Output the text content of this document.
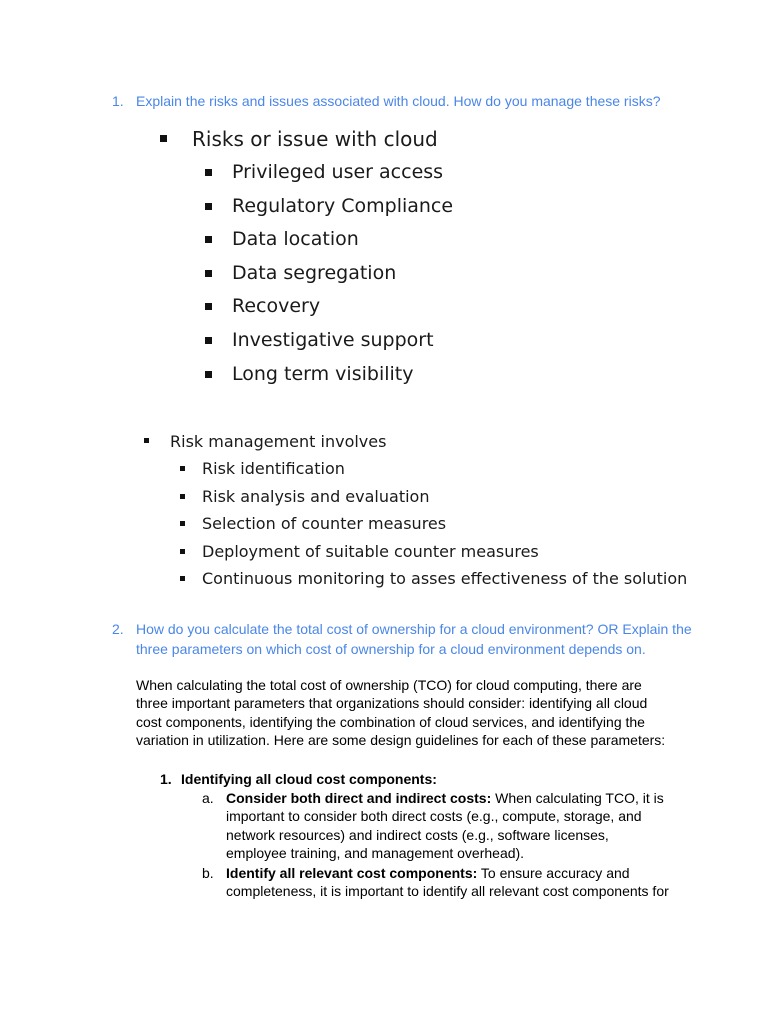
1. Explain the risks and issues associated with cloud. How do you manage these risks?
Risks or issue with cloud
Privileged user access
Regulatory Compliance
Data location
Data segregation
Recovery
Investigative support
Long term visibility
Risk management involves
Risk identification
Risk analysis and evaluation
Selection of counter measures
Deployment of suitable counter measures
Continuous monitoring to asses effectiveness of the solution
2. How do you calculate the total cost of ownership for a cloud environment? OR Explain the three parameters on which cost of ownership for a cloud environment depends on.

When calculating the total cost of ownership (TCO) for cloud computing, there are three important parameters that organizations should consider: identifying all cloud cost components, identifying the combination of cloud services, and identifying the variation in utilization. Here are some design guidelines for each of these parameters:

1. Identifying all cloud cost components:
a. Consider both direct and indirect costs: When calculating TCO, it is important to consider both direct costs (e.g., compute, storage, and network resources) and indirect costs (e.g., software licenses, employee training, and management overhead).
b. Identify all relevant cost components: To ensure accuracy and completeness, it is important to identify all relevant cost components for
